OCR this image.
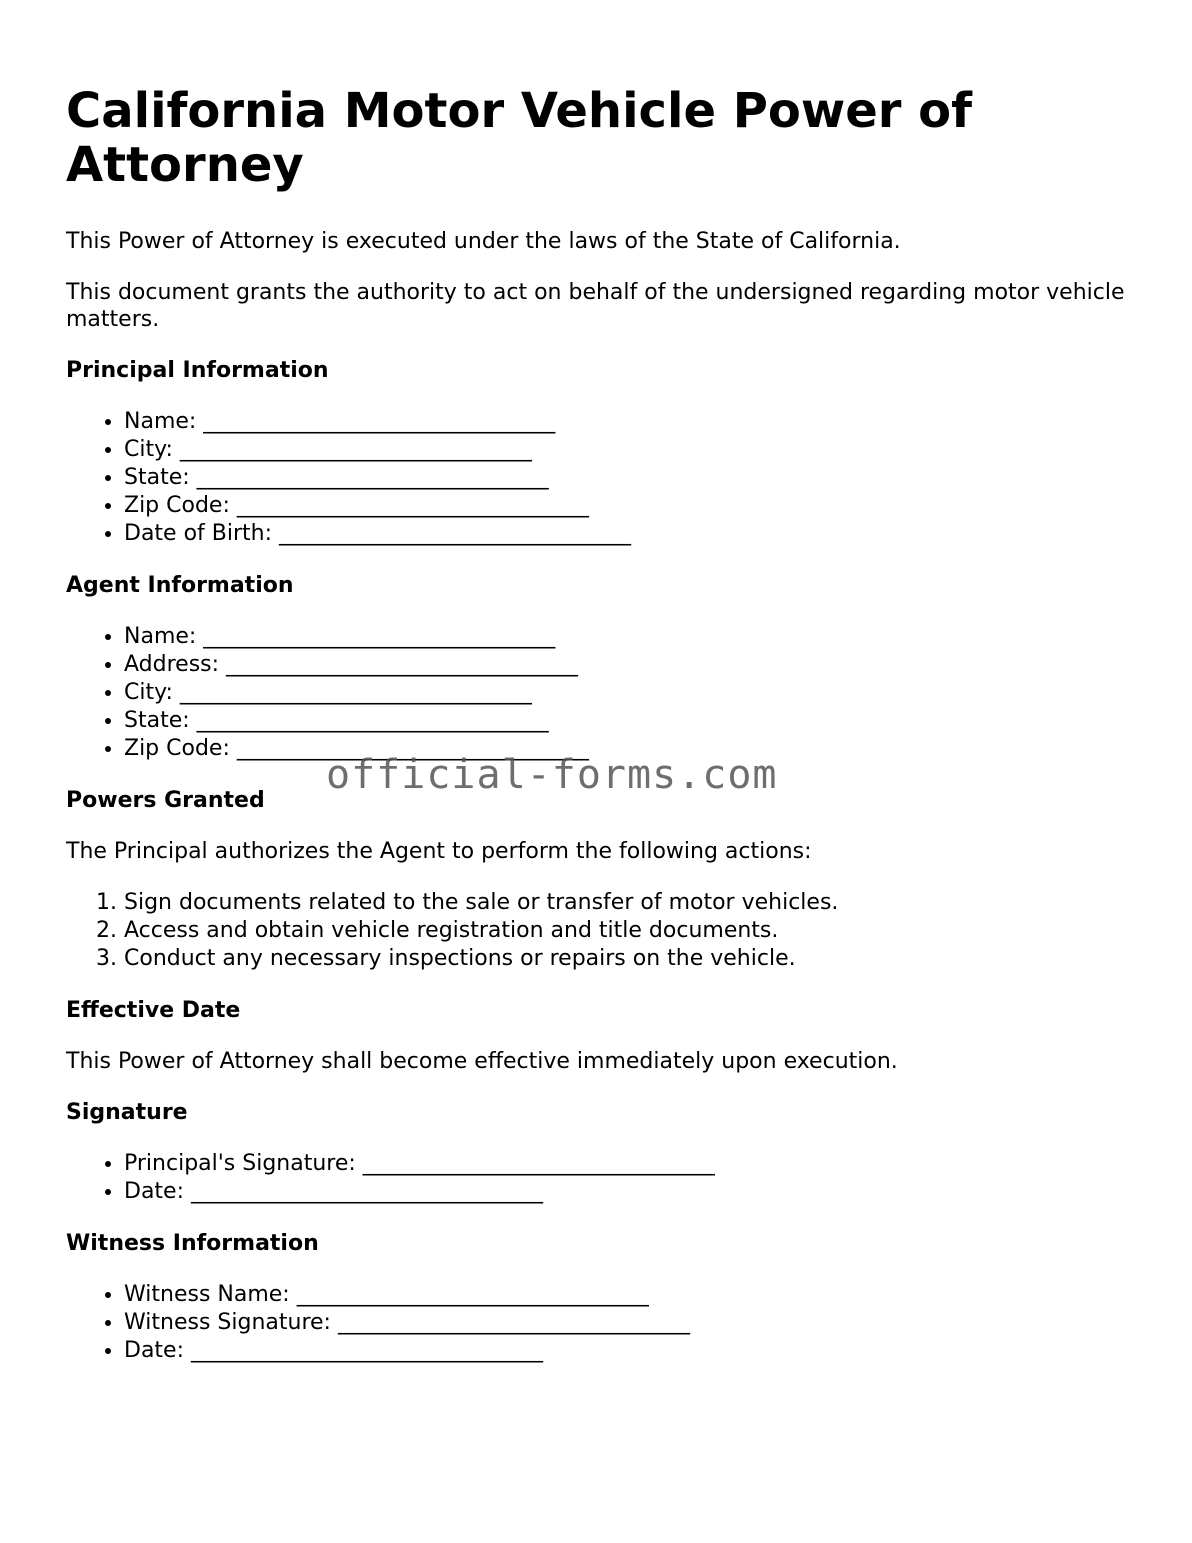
California Motor Vehicle Power of Attorney

This Power of Attorney is executed under the laws of the State of California.

This document grants the authority to act on behalf of the undersigned regarding motor vehicle matters.

Principal Information
• Name: ________________________________
• City: ________________________________
• State: ________________________________
• Zip Code: ________________________________
• Date of Birth: ________________________________
Agent Information
• Name: ________________________________
• Address: ________________________________
• City: ________________________________
• State: ________________________________
• Zip Code: ________________________________
Powers Granted

The Principal authorizes the Agent to perform the following actions:

1. Sign documents related to the sale or transfer of motor vehicles.
2. Access and obtain vehicle registration and title documents.
3. Conduct any necessary inspections or repairs on the vehicle.
Effective Date

This Power of Attorney shall become effective immediately upon execution.

Signature
• Principal's Signature: ________________________________
• Date: ________________________________
Witness Information
• Witness Name: ________________________________
• Witness Signature: ________________________________
• Date: ________________________________
official-forms.com
